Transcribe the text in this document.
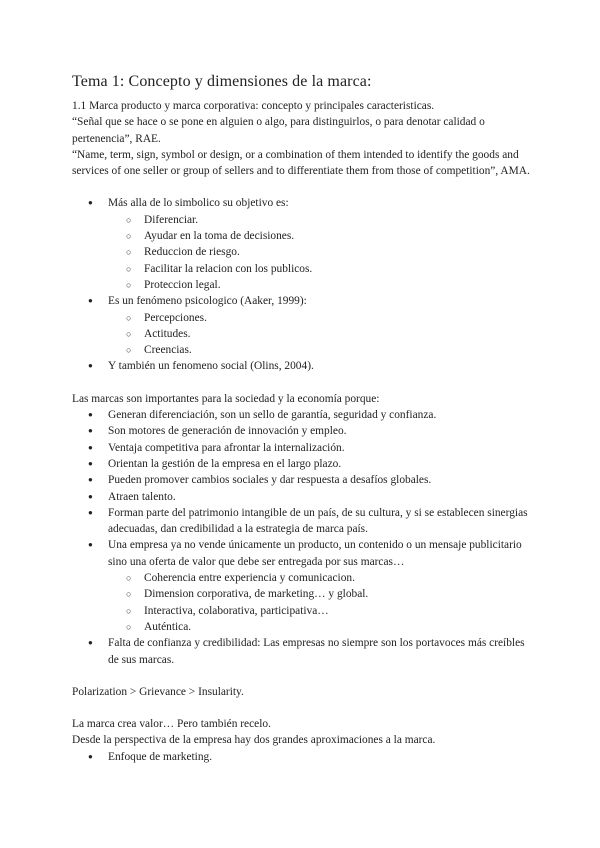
Tema 1: Concepto y dimensiones de la marca:

1.1 Marca producto y marca corporativa: concepto y principales caracteristicas.

“Señal que se hace o se pone en alguien o algo, para distinguirlos, o para denotar calidad o pertenencia”, RAE.

“Name, term, sign, symbol or design, or a combination of them intended to identify the goods and services of one seller or group of sellers and to differentiate them from those of competition”, AMA.

● Más alla de lo simbolico su objetivo es:
○ Diferenciar.
○ Ayudar en la toma de decisiones.
○ Reduccion de riesgo.
○ Facilitar la relacion con los publicos.
○ Proteccion legal.
● Es un fenómeno psicologico (Aaker, 1999):
○ Percepciones.
○ Actitudes.
○ Creencias.
● Y también un fenomeno social (Olins, 2004).

Las marcas son importantes para la sociedad y la economía porque:

● Generan diferenciación, son un sello de garantía, seguridad y confianza.
● Son motores de generación de innovación y empleo.
● Ventaja competitiva para afrontar la internalización.
● Orientan la gestión de la empresa en el largo plazo.
● Pueden promover cambios sociales y dar respuesta a desafíos globales.
● Atraen talento.
● Forman parte del patrimonio intangible de un país, de su cultura, y si se establecen sinergias adecuadas, dan credibilidad a la estrategia de marca país.
● Una empresa ya no vende únicamente un producto, un contenido o un mensaje publicitario sino una oferta de valor que debe ser entregada por sus marcas…
○ Coherencia entre experiencia y comunicacion.
○ Dimension corporativa, de marketing… y global.
○ Interactiva, colaborativa, participativa…
○ Auténtica.
● Falta de confianza y credibilidad: Las empresas no siempre son los portavoces más creíbles de sus marcas.

Polarization > Grievance > Insularity.

La marca crea valor… Pero también recelo.

Desde la perspectiva de la empresa hay dos grandes aproximaciones a la marca.

● Enfoque de marketing.
